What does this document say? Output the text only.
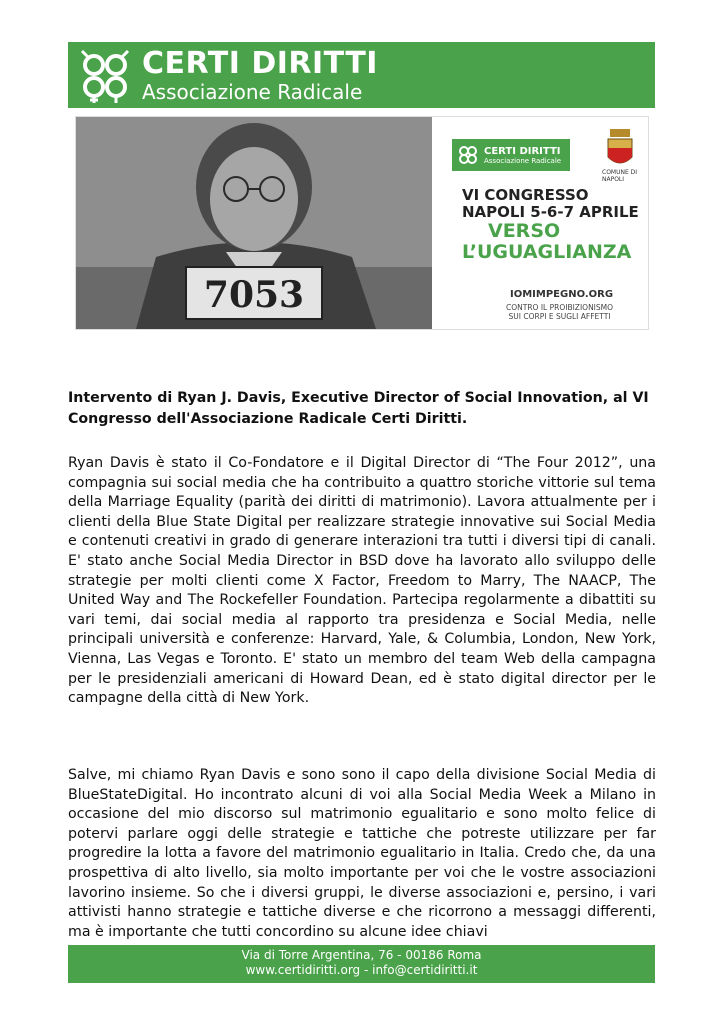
CERTI DIRITTI
Associazione Radicale
7053
CERTI DIRITTI
Associazione Radicale
COMUNE DI NAPOLI
VI CONGRESSO
NAPOLI 5-6-7 APRILE
VERSO
L’UGUAGLIANZA
IOMIMPEGNO.ORG
CONTRO IL PROIBIZIONISMO
SUI CORPI E SUGLI AFFETTI
Intervento di Ryan J. Davis, Executive Director of Social Innovation, al VI Congresso dell'Associazione Radicale Certi Diritti.
Ryan Davis è stato il Co-Fondatore e il Digital Director di “The Four 2012”, una compagnia sui social media che ha contribuito a quattro storiche vittorie sul tema della Marriage Equality (parità dei diritti di matrimonio). Lavora attualmente per i clienti della Blue State Digital per realizzare strategie innovative sui Social Media e contenuti creativi in grado di generare interazioni tra tutti i diversi tipi di canali. E' stato anche Social Media Director in BSD dove ha lavorato allo sviluppo delle strategie per molti clienti come X Factor, Freedom to Marry, The NAACP, The United Way and The Rockefeller Foundation. Partecipa regolarmente a dibattiti su vari temi, dai social media al rapporto tra presidenza e Social Media, nelle principali università e conferenze: Harvard, Yale, & Columbia, London, New York, Vienna, Las Vegas e Toronto. E' stato un membro del team Web della campagna per le presidenziali americani di Howard Dean, ed è stato digital director per le campagne della città di New York.
Salve, mi chiamo Ryan Davis e sono sono il capo della divisione Social Media di BlueStateDigital. Ho incontrato alcuni di voi alla Social Media Week a Milano in occasione del mio discorso sul matrimonio egualitario e sono molto felice di potervi parlare oggi delle strategie e tattiche che potreste utilizzare per far progredire la lotta a favore del matrimonio egualitario in Italia. Credo che, da una prospettiva di alto livello, sia molto importante per voi che le vostre associazioni lavorino insieme. So che i diversi gruppi, le diverse associazioni e, persino, i vari attivisti hanno strategie e tattiche diverse e che ricorrono a messaggi differenti, ma è importante che tutti concordino su alcune idee chiavi
Via di Torre Argentina, 76 - 00186 Roma
www.certidiritti.org - info@certidiritti.it
